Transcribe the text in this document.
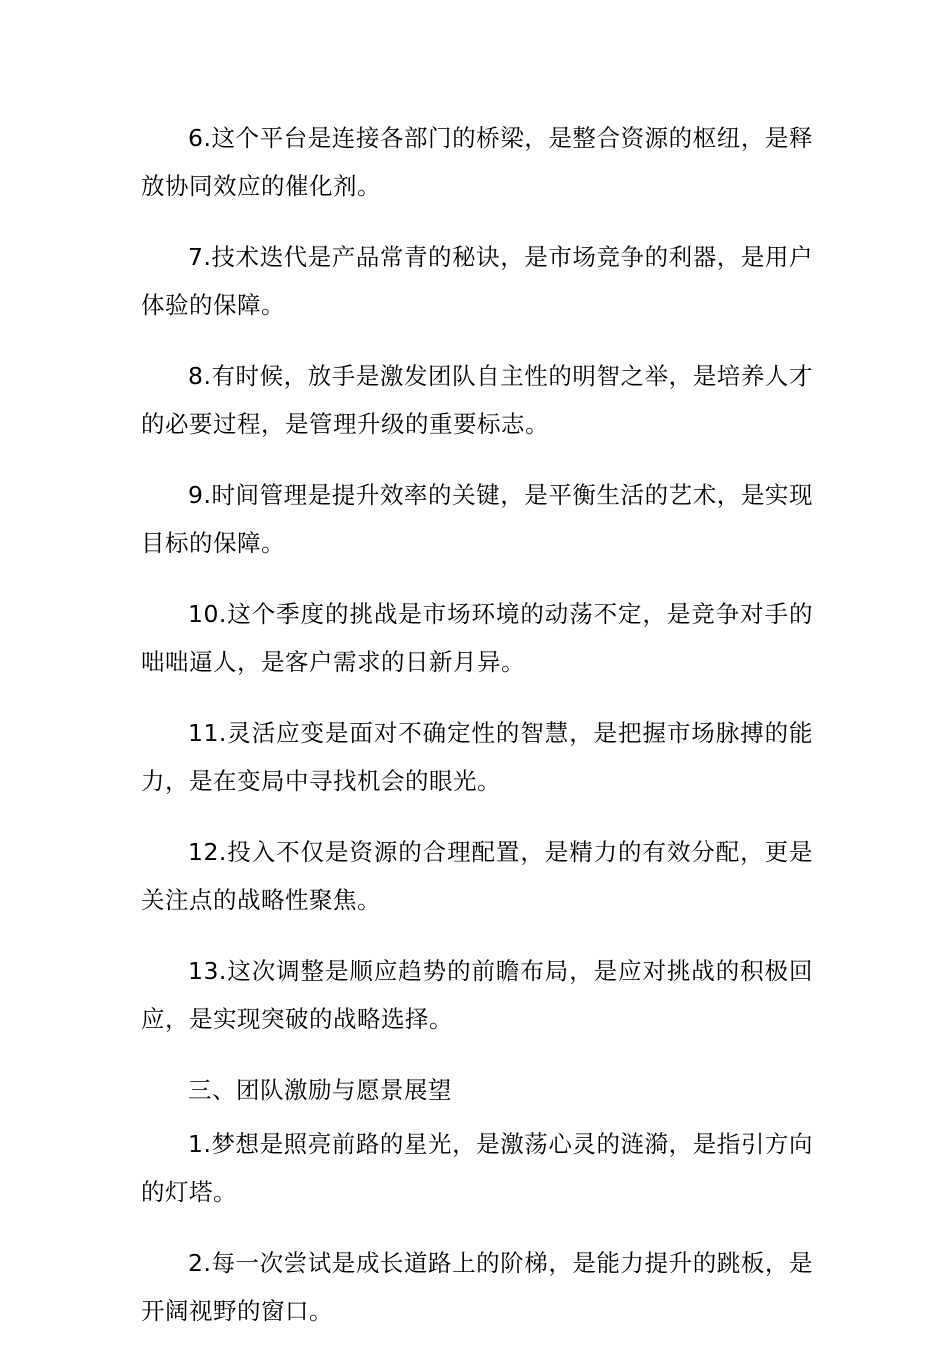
6.这个平台是连接各部门的桥梁，是整合资源的枢纽，是释放协同效应的催化剂。

7.技术迭代是产品常青的秘诀，是市场竞争的利器，是用户体验的保障。

8.有时候，放手是激发团队自主性的明智之举，是培养人才的必要过程，是管理升级的重要标志。

9.时间管理是提升效率的关键，是平衡生活的艺术，是实现目标的保障。

10.这个季度的挑战是市场环境的动荡不定，是竞争对手的咄咄逼人，是客户需求的日新月异。

11.灵活应变是面对不确定性的智慧，是把握市场脉搏的能力，是在变局中寻找机会的眼光。

12.投入不仅是资源的合理配置，是精力的有效分配，更是关注点的战略性聚焦。

13.这次调整是顺应趋势的前瞻布局，是应对挑战的积极回应，是实现突破的战略选择。

三、团队激励与愿景展望

1.梦想是照亮前路的星光，是激荡心灵的涟漪，是指引方向的灯塔。

2.每一次尝试是成长道路上的阶梯，是能力提升的跳板，是开阔视野的窗口。
